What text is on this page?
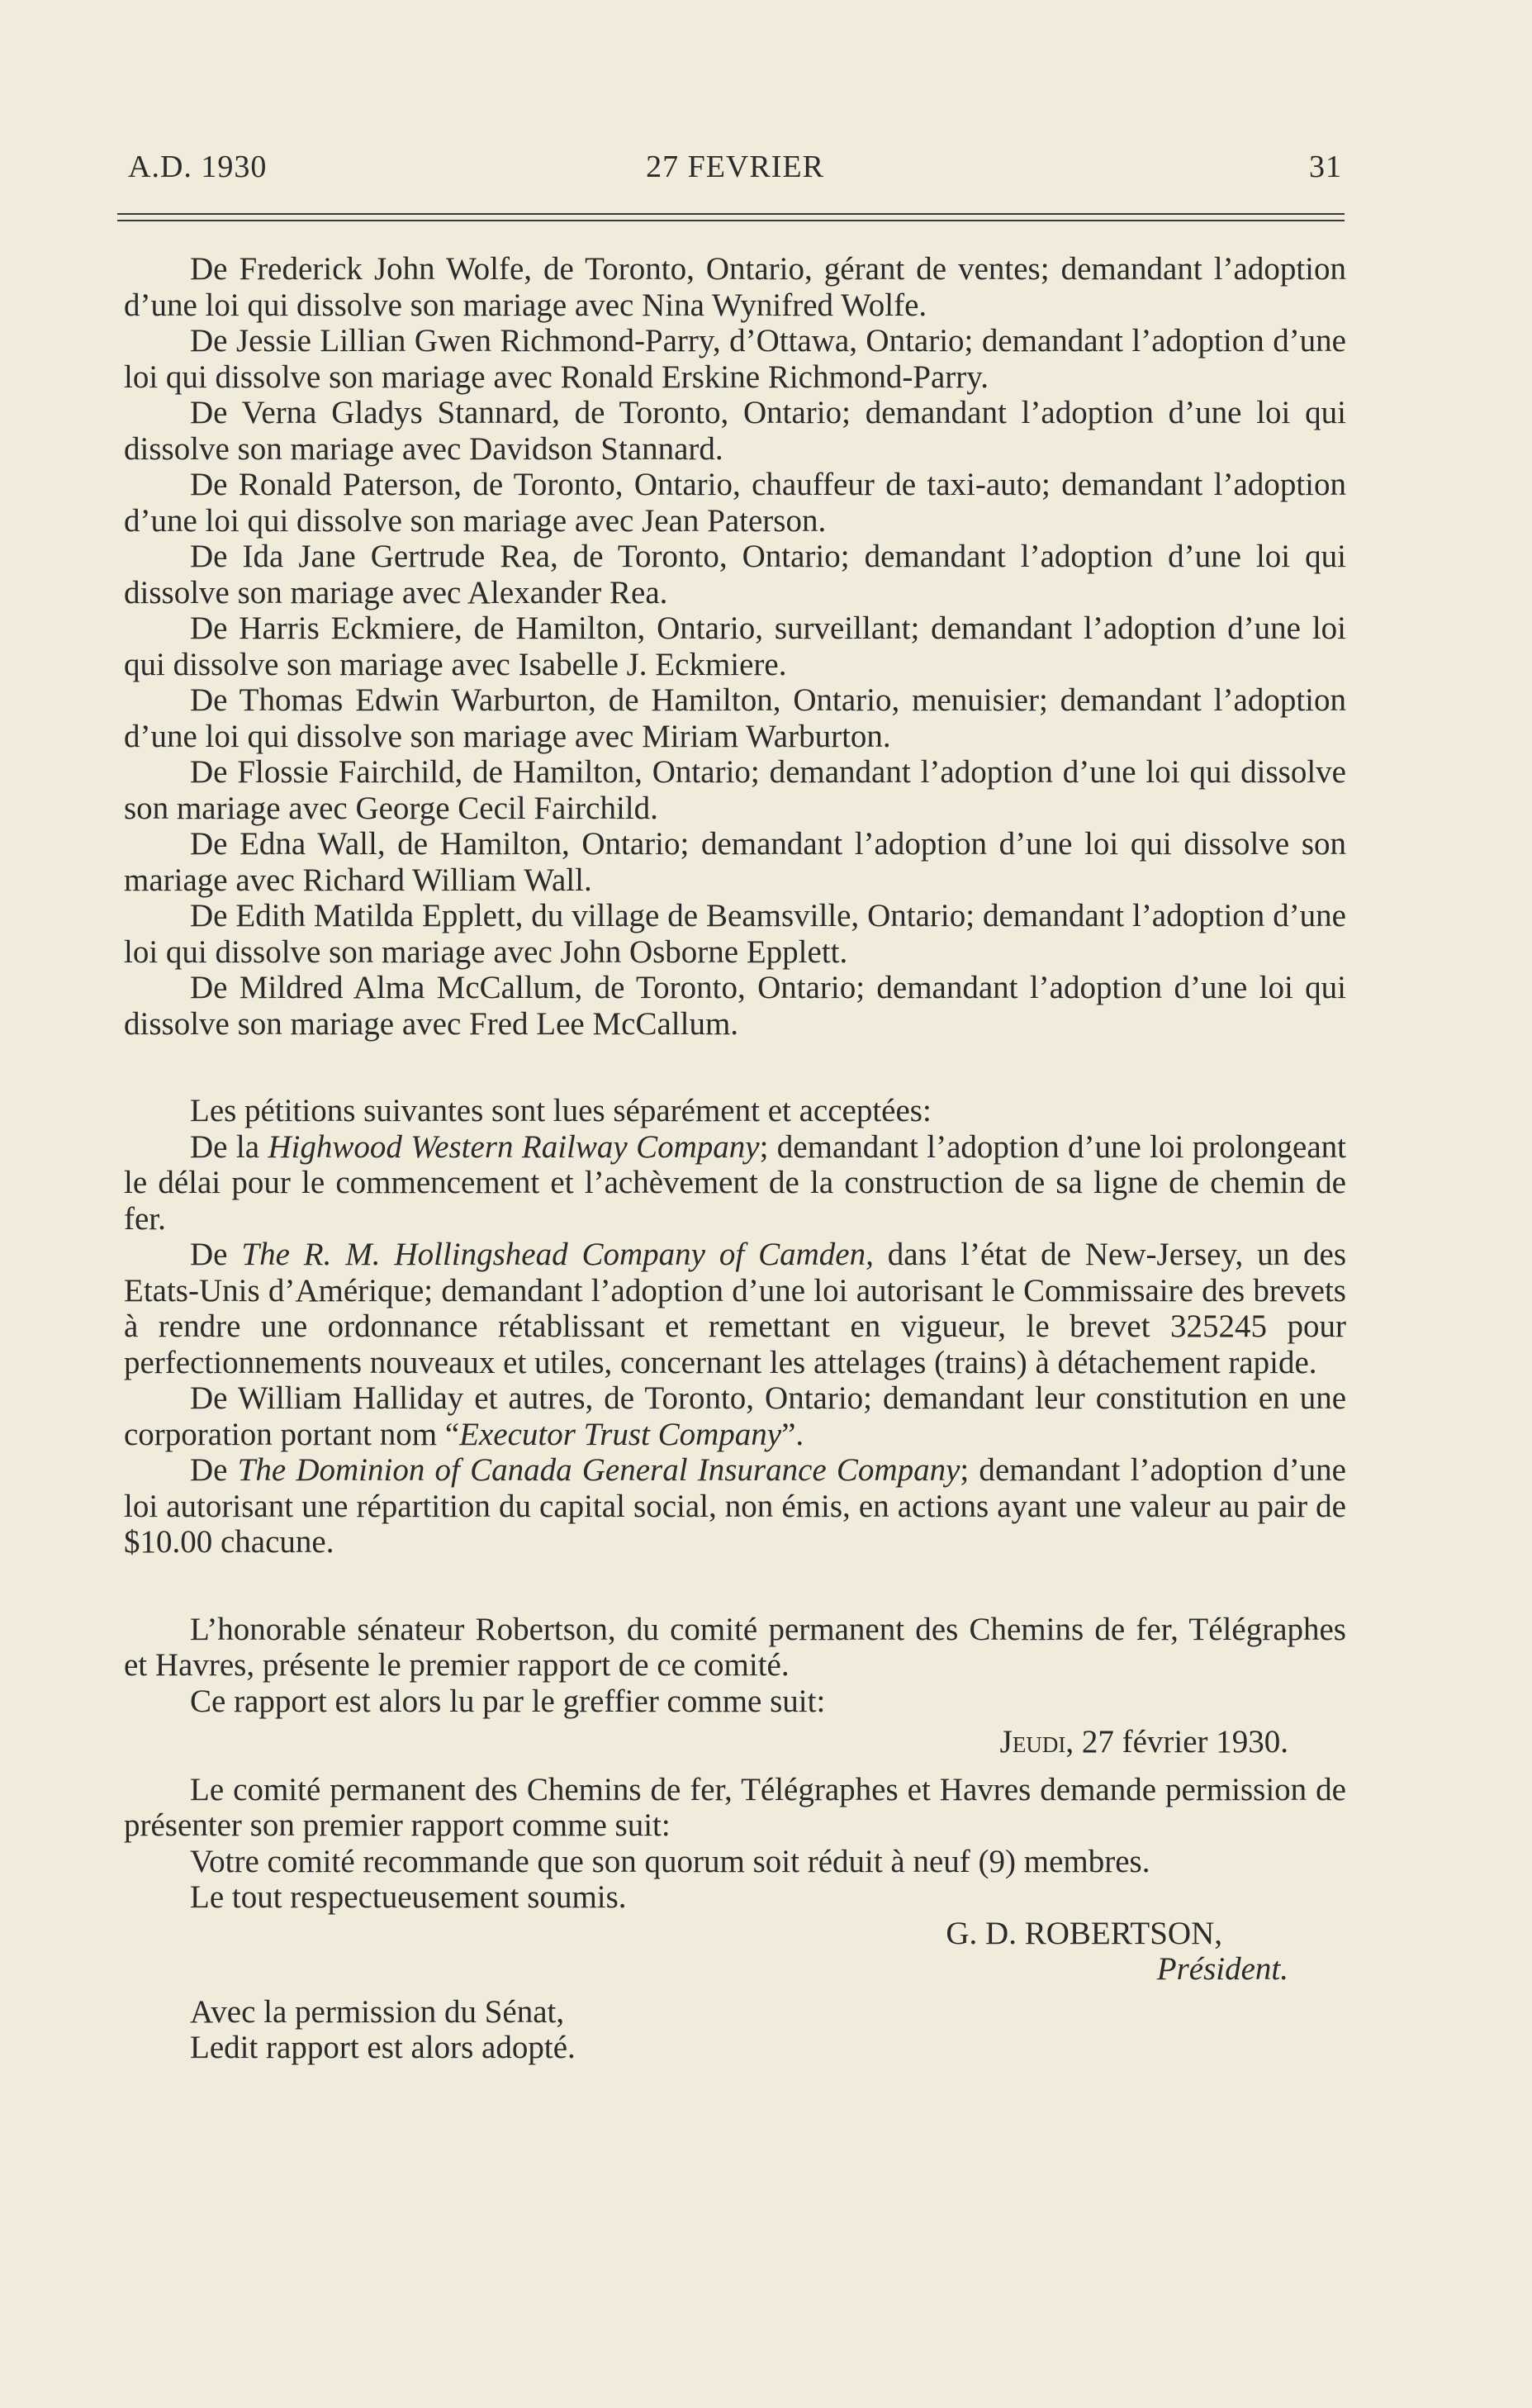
A.D. 1930	27 FEVRIER	31

De Frederick John Wolfe, de Toronto, Ontario, gérant de ventes; demandant l’adoption d’une loi qui dissolve son mariage avec Nina Wynifred Wolfe.

De Jessie Lillian Gwen Richmond-Parry, d’Ottawa, Ontario; demandant l’adoption d’une loi qui dissolve son mariage avec Ronald Erskine Richmond-Parry.

De Verna Gladys Stannard, de Toronto, Ontario; demandant l’adoption d’une loi qui dissolve son mariage avec Davidson Stannard.

De Ronald Paterson, de Toronto, Ontario, chauffeur de taxi-auto; demandant l’adoption d’une loi qui dissolve son mariage avec Jean Paterson.

De Ida Jane Gertrude Rea, de Toronto, Ontario; demandant l’adoption d’une loi qui dissolve son mariage avec Alexander Rea.

De Harris Eckmiere, de Hamilton, Ontario, surveillant; demandant l’adoption d’une loi qui dissolve son mariage avec Isabelle J. Eckmiere.

De Thomas Edwin Warburton, de Hamilton, Ontario, menuisier; demandant l’adoption d’une loi qui dissolve son mariage avec Miriam Warburton.

De Flossie Fairchild, de Hamilton, Ontario; demandant l’adoption d’une loi qui dissolve son mariage avec George Cecil Fairchild.

De Edna Wall, de Hamilton, Ontario; demandant l’adoption d’une loi qui dissolve son mariage avec Richard William Wall.

De Edith Matilda Epplett, du village de Beamsville, Ontario; demandant l’adoption d’une loi qui dissolve son mariage avec John Osborne Epplett.

De Mildred Alma McCallum, de Toronto, Ontario; demandant l’adoption d’une loi qui dissolve son mariage avec Fred Lee McCallum.

Les pétitions suivantes sont lues séparément et acceptées:

De la Highwood Western Railway Company; demandant l’adoption d’une loi prolongeant le délai pour le commencement et l’achèvement de la construction de sa ligne de chemin de fer.

De The R. M. Hollingshead Company of Camden, dans l’état de New-Jersey, un des Etats-Unis d’Amérique; demandant l’adoption d’une loi autorisant le Commissaire des brevets à rendre une ordonnance rétablissant et remettant en vigueur, le brevet 325245 pour perfectionnements nouveaux et utiles, concernant les attelages (trains) à détachement rapide.

De William Halliday et autres, de Toronto, Ontario; demandant leur constitution en une corporation portant nom “Executor Trust Company”.

De The Dominion of Canada General Insurance Company; demandant l’adoption d’une loi autorisant une répartition du capital social, non émis, en actions ayant une valeur au pair de $10.00 chacune.

L’honorable sénateur Robertson, du comité permanent des Chemins de fer, Télégraphes et Havres, présente le premier rapport de ce comité.

Ce rapport est alors lu par le greffier comme suit:

Jeudi, 27 février 1930.

Le comité permanent des Chemins de fer, Télégraphes et Havres demande permission de présenter son premier rapport comme suit:

Votre comité recommande que son quorum soit réduit à neuf (9) membres.

Le tout respectueusement soumis.

G. D. ROBERTSON,
Président.

Avec la permission du Sénat,

Ledit rapport est alors adopté.
